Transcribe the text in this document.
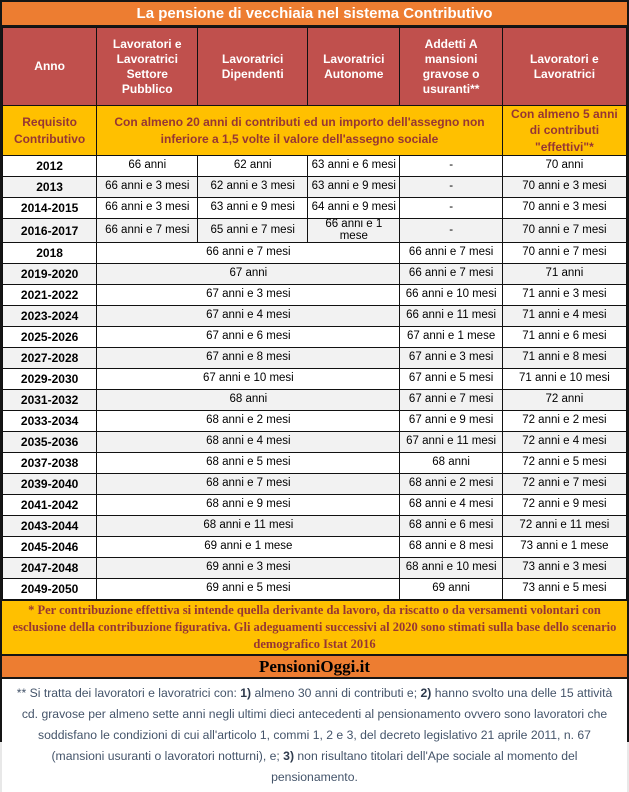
La pensione di vecchiaia nel sistema Contributivo
Anno	Lavoratori e Lavoratrici Settore Pubblico	Lavoratrici Dipendenti	Lavoratrici Autonome	Addetti A mansioni gravose o usuranti**	Lavoratori e Lavoratrici
Requisito Contributivo	Con almeno 20 anni di contributi ed un importo dell'assegno non inferiore a 1,5 volte il valore dell'assegno sociale				Con almeno 5 anni di contributi "effettivi"*
2012	66 anni	62 anni	63 anni e 6 mesi	-	70 anni
2013	66 anni e 3 mesi	62 anni e 3 mesi	63 anni e 9 mesi	-	70 anni e 3 mesi
2014-2015	66 anni e 3 mesi	63 anni e 9 mesi	64 anni e 9 mesi	-	70 anni e 3 mesi
2016-2017	66 anni e 7 mesi	65 anni e 7 mesi	66 anni e 1 mese	-	70 anni e 7 mesi
2018	66 anni e 7 mesi			66 anni e 7 mesi	70 anni e 7 mesi
2019-2020	67 anni			66 anni e 7 mesi	71 anni
2021-2022	67 anni e 3 mesi			66 anni e 10 mesi	71 anni e 3 mesi
2023-2024	67 anni e 4 mesi			66 anni e 11 mesi	71 anni e 4 mesi
2025-2026	67 anni e 6 mesi			67 anni e 1 mese	71 anni e 6 mesi
2027-2028	67 anni e 8 mesi			67 anni e 3 mesi	71 anni e 8 mesi
2029-2030	67 anni e 10 mesi			67 anni e 5 mesi	71 anni e 10 mesi
2031-2032	68 anni			67 anni e 7 mesi	72 anni
2033-2034	68 anni e 2 mesi			67 anni e 9 mesi	72 anni e 2 mesi
2035-2036	68 anni e 4 mesi			67 anni e 11 mesi	72 anni e 4 mesi
2037-2038	68 anni e 5 mesi			68 anni	72 anni e 5 mesi
2039-2040	68 anni e 7 mesi			68 anni e 2 mesi	72 anni e 7 mesi
2041-2042	68 anni e 9 mesi			68 anni e 4 mesi	72 anni e 9 mesi
2043-2044	68 anni e 11 mesi			68 anni e 6 mesi	72 anni e 11 mesi
2045-2046	69 anni e 1 mese			68 anni e 8 mesi	73 anni e 1 mese
2047-2048	69 anni e 3 mesi			68 anni e 10 mesi	73 anni e 3 mesi
2049-2050	69 anni e 5 mesi			69 anni	73 anni e 5 mesi
* Per contribuzione effettiva si intende quella derivante da lavoro, da riscatto o da versamenti volontari con esclusione della contribuzione figurativa. Gli adeguamenti successivi al 2020 sono stimati sulla base dello scenario demografico Istat 2016
PensioniOggi.it
** Si tratta dei lavoratori e lavoratrici con: 1) almeno 30 anni di contributi e; 2) hanno svolto una delle 15 attività cd. gravose per almeno sette anni negli ultimi dieci antecedenti al pensionamento ovvero sono lavoratori che soddisfano le condizioni di cui all'articolo 1, commi 1, 2 e 3, del decreto legislativo 21 aprile 2011, n. 67 (mansioni usuranti o lavoratori notturni), e; 3) non risultano titolari dell'Ape sociale al momento del pensionamento.
